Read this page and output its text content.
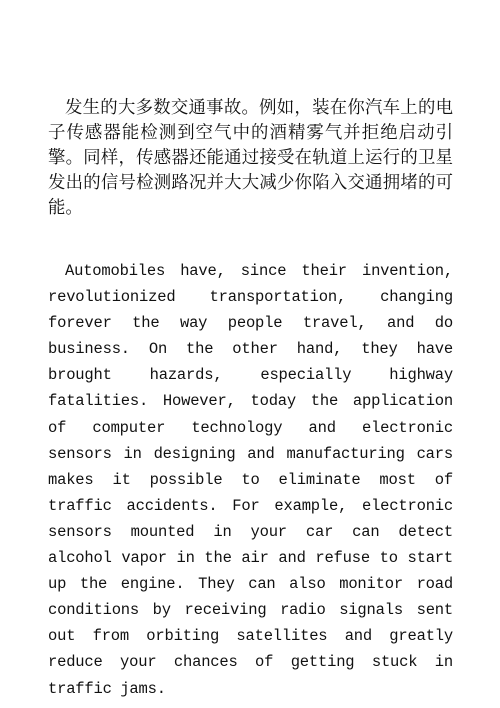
发生的大多数交通事故。例如，装在你汽车上的电子传感器能检测到空气中的酒精雾气并拒绝启动引擎。同样，传感器还能通过接受在轨道上运行的卫星发出的信号检测路况并大大减少你陷入交通拥堵的可能。

Automobiles have, since their invention, revolutionized transportation, changing forever the way people travel, and do business. On the other hand, they have brought hazards, especially highway fatalities. However, today the application of computer technology and electronic sensors in designing and manufacturing cars makes it possible to eliminate most of traffic accidents. For example, electronic sensors mounted in your car can detect alcohol vapor in the air and refuse to start up the engine. They can also monitor road conditions by receiving radio signals sent out from orbiting satellites and greatly reduce your chances of getting stuck in traffic jams.
